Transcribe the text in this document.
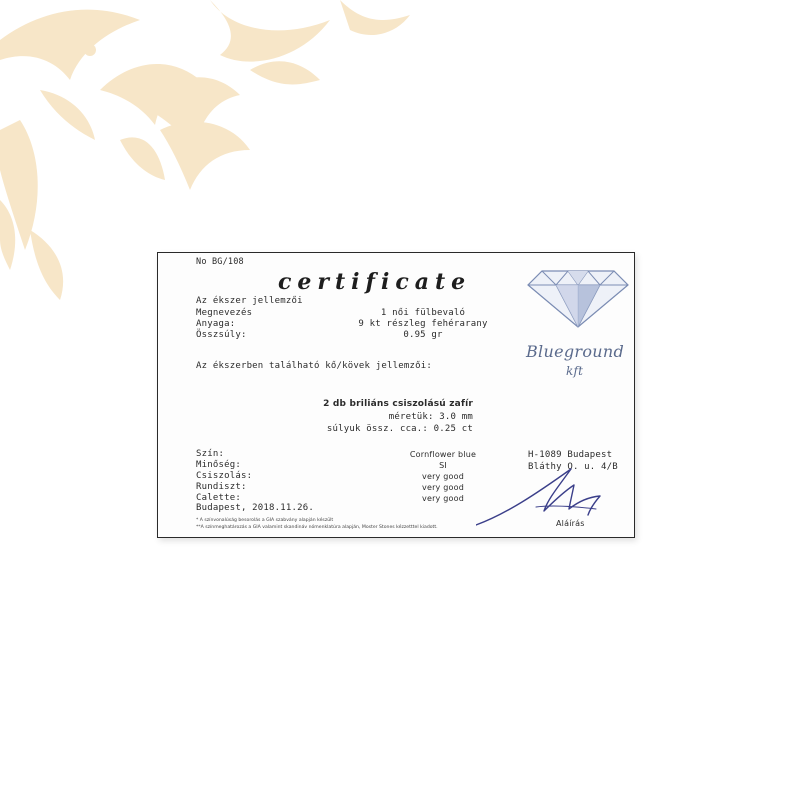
No BG/108
certificate
Blueground
kft
Az ékszer jellemzői
Megnevezés	1 női fülbevaló
Anyaga:	9 kt részleg fehérarany
Összsúly:	0.95 gr
Az ékszerben található kő/kövek jellemzői:
2 db briliáns csiszolású zafír
méretük: 3.0 mm
súlyuk össz. cca.: 0.25 ct
Szín:	Cornflower blue
Minőség:	SI
Csiszolás:	very good
Rundiszt:	very good
Calette:	very good
H-1089 Budapest
Bláthy O. u. 4/B
Aláírás
Budapest, 2018.11.26.
* A színvonalúság besorolás a GIA szabvány alapján készült
**A színmeghatározás a GIA valamint skandináv nómenklatúra alapján, Moster Stones kézzetttel kiadott.
